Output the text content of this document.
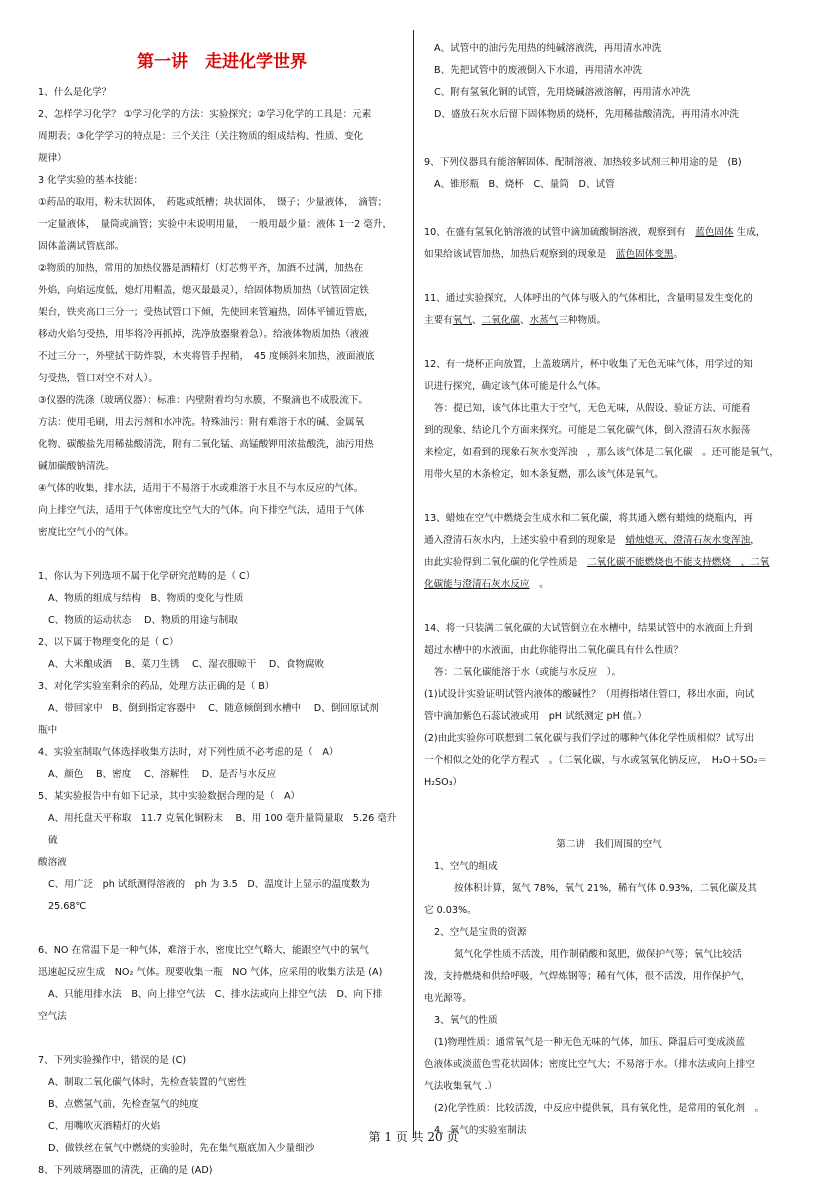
第一讲　走进化学世界

1、什么是化学？

2、怎样学习化学？ ①学习化学的方法：实验探究；②学习化学的工具是：元素

周期表；③化学学习的特点是：三个关注（关注物质的组成结构、性质、变化

规律）

3 化学实验的基本技能：

①药品的取用，粉末状固体，　药匙或纸槽；块状固体，　镊子；少量液体，　滴管；

一定量液体，　量筒或滴管；实验中未说明用量，　一般用最少量：液体 1一2 毫升，

固体盖满试管底部。

②物质的加热，常用的加热仪器是酒精灯（灯芯剪平齐，加酒不过满，加热在

外焰，向焰远度低，熄灯用帽盖，熄灭最最灵），给固体物质加热（试管固定铁

架台，铁夹高口三分一；受热试管口下倾，先使回来管遍热，固体平铺近管底，

移动火焰匀受热，用毕将冷再抓掉，洗净放器聚着急）。给液体物质加热（液液

不过三分一，外壁拭干防炸裂，木夹将管手捏稍，　45 度倾斜来加热，液面液底

匀受热，管口对空不对人）。

③仪器的洗涤（玻璃仪器）：标准：内壁附着均匀水膜，不聚滴也不成股流下。

方法：使用毛刷，用去污剂和水冲洗。特殊油污：附有难溶于水的碱、金属氧

化物、碳酸盐先用稀盐酸清洗，附有二氧化锰、高锰酸钾用浓盐酸洗，油污用热

碱加碳酸钠清洗。

④气体的收集，排水法，适用于不易溶于水或难溶于水且不与水反应的气体。

向上排空气法，适用于气体密度比空气大的气体。向下排空气法，适用于气体

密度比空气小的气体。

1、你认为下列选项不属于化学研究范畴的是（ C）

A、物质的组成与结构　B、物质的变化与性质

C、物质的运动状态　 D、物质的用途与制取

2、以下属于物理变化的是（ C）

A、大米酿成酒　 B、菜刀生锈　 C、湿衣服晾干　 D、食物腐败

3、对化学实验室剩余的药品，处理方法正确的是（ B）

A、带回家中　B、倒到指定容器中　 C、随意倾倒到水槽中　 D、倒回原试剂

瓶中

4、实验室制取气体选择收集方法时，对下列性质不必考虑的是（　A）

A、颜色　 B、密度　 C、溶解性　 D、是否与水反应

5、某实验报告中有如下记录，其中实验数据合理的是（　A）

A、用托盘天平称取　11.7 克氧化铜粉末　 B、用 100 毫升量筒量取　5.26 毫升硫

酸溶液

C、用广泛　ph 试纸测得溶液的　ph 为 3.5　D、温度计上显示的温度数为　25.68℃

6、NO 在常温下是一种气体，难溶于水，密度比空气略大，能跟空气中的氧气

迅速起反应生成　NO₂ 气体。现要收集一瓶　NO 气体，应采用的收集方法是 (A)

A、只能用排水法　B、向上排空气法　C、排水法或向上排空气法　D、向下排

空气法

7、下列实验操作中，错误的是 (C)

A、制取二氧化碳气体时，先检查装置的气密性

B、点燃氢气前，先检查氢气的纯度

C、用嘴吹灭酒精灯的火焰

D、做铁丝在氧气中燃烧的实验时，先在集气瓶底加入少量细沙

8、下列玻璃器皿的清洗，正确的是 (AD)

A、试管中的油污先用热的纯碱溶液洗，再用清水冲洗

B、先把试管中的废液倒入下水道，再用清水冲洗

C、附有氢氧化铜的试管，先用烧碱溶液溶解，再用清水冲洗

D、盛放石灰水后留下固体物质的烧杯，先用稀盐酸清洗，再用清水冲洗

9、下列仪器具有能溶解固体、配制溶液、加热较多试剂三种用途的是　(B)

A、锥形瓶　B、烧杯　C、量筒　D、试管

10、在盛有氢氧化钠溶液的试管中滴加硫酸铜溶液，观察到有　蓝色固体 生成，

如果给该试管加热，加热后观察到的现象是　蓝色固体变黑。

11、通过实验探究，人体呼出的气体与吸入的气体相比，含量明显发生变化的

主要有氧气、二氧化碳、水蒸气三种物质。

12、有一烧杯正向放置，上盖玻璃片，杯中收集了无色无味气体，用学过的知

识进行探究，确定该气体可能是什么气体。

答：提已知，该气体比重大于空气，无色无味，从假设、验证方法、可能看

到的现象、结论几个方面来探究。可能是二氧化碳气体，倒入澄清石灰水振荡

来检定，如看到的现象石灰水变浑浊　，那么该气体是二氧化碳　。还可能是氧气，

用带火星的木条检定，如木条复燃，那么该气体是氧气。

13、蜡烛在空气中燃烧会生成水和二氧化碳，将其通入燃有蜡烛的烧瓶内，再

通入澄清石灰水内，上述实验中看到的现象是　蜡烛熄灭、澄清石灰水变浑浊，

由此实验得到二氧化碳的化学性质是　二氧化碳不能燃烧也不能支持燃烧　、二氧

化碳能与澄清石灰水反应　。

14、将一只装满二氧化碳的大试管倒立在水槽中，结果试管中的水液面上升到

超过水槽中的水液面，由此你能得出二氧化碳具有什么性质？

答：二氧化碳能溶于水（或能与水反应　）。

(1)试设计实验证明试管内液体的酸碱性？（用拇指堵住管口，移出水面，向试

管中滴加紫色石蕊试液或用　pH 试纸测定 pH 值。）

(2)由此实验你可联想到二氧化碳与我们学过的哪种气体化学性质相似？试写出

一个相似之处的化学方程式　。（二氧化碳，与水或氢氧化钠反应，　H₂O＋SO₂＝

H₂SO₃）

第二讲　我们周围的空气

1、空气的组成

按体积计算，氮气 78%，氧气 21%，稀有气体 0.93%，二氧化碳及其

它 0.03%。

2、空气是宝贵的资源

氮气化学性质不活泼，用作制硝酸和氮肥，做保护气等；氧气比较活

泼，支持燃烧和供给呼吸，气焊炼钢等；稀有气体，很不活泼，用作保护气，

电光源等。

3、氧气的性质

(1)物理性质：通常氧气是一种无色无味的气体，加压、降温后可变成淡蓝

色液体或淡蓝色雪花状固体；密度比空气大；不易溶于水。（排水法或向上排空

气法收集氧气 .）

(2)化学性质：比较活泼，中反应中提供氧，具有氧化性，是常用的氧化剂　。

4、氧气的实验室制法

第 1 页 共 20 页
